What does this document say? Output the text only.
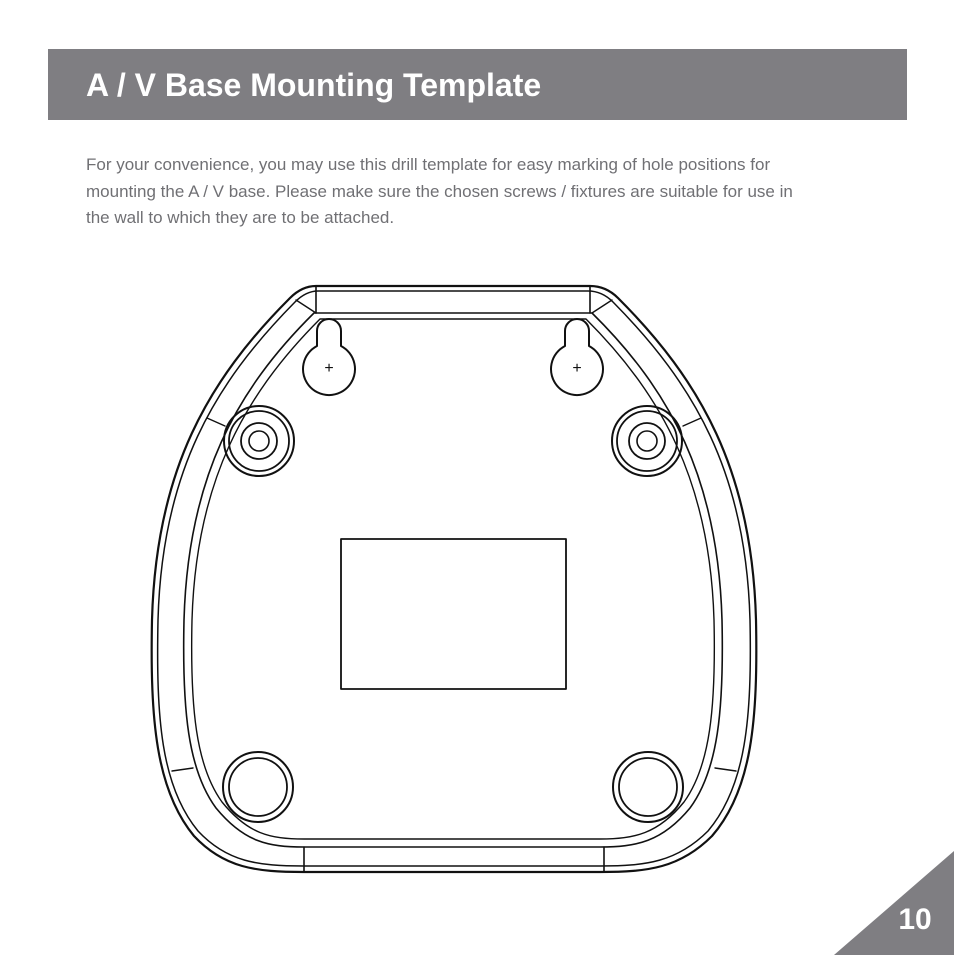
A / V Base Mounting Template

For your convenience, you may use this drill template for easy marking of hole positions for

mounting the A / V base. Please make sure the chosen screws / fixtures are suitable for use in

the wall to which they are to be attached.

+	+
10
